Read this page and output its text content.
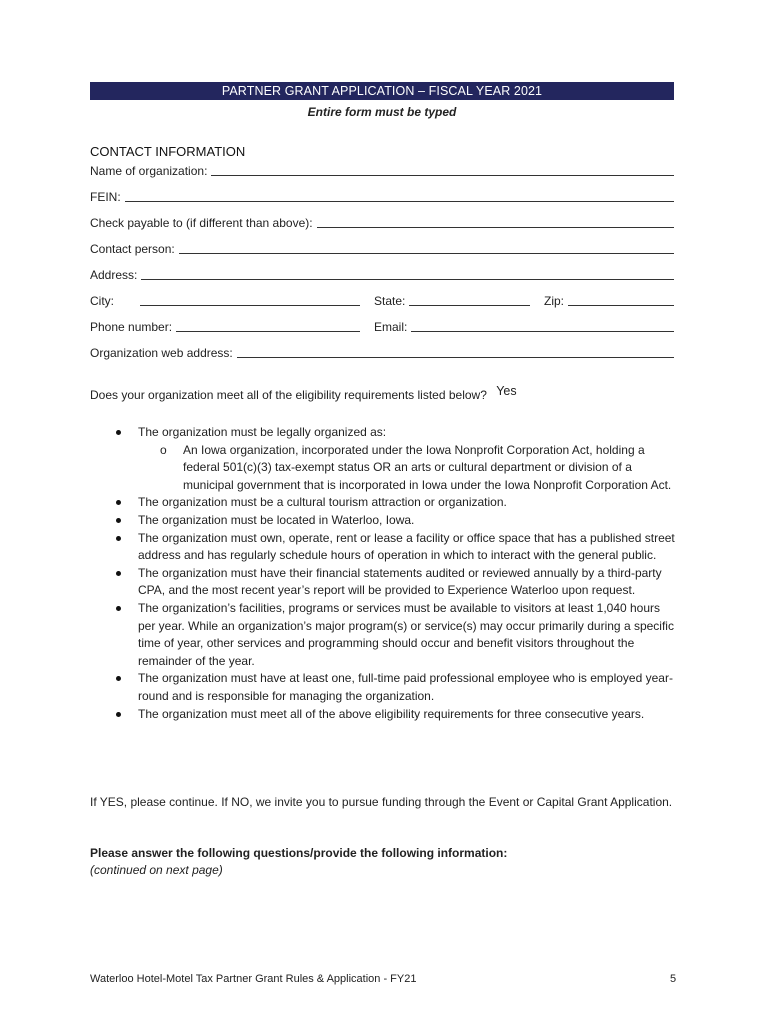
PARTNER GRANT APPLICATION – FISCAL YEAR 2021
Entire form must be typed
CONTACT INFORMATION
Name of organization:
FEIN:
Check payable to (if different than above):
Contact person:
Address:
City:	State:	Zip:
Phone number:	Email:
Organization web address:
Does your organization meet all of the eligibility requirements listed below? Yes
The organization must be legally organized as:
o An Iowa organization, incorporated under the Iowa Nonprofit Corporation Act, holding a federal 501(c)(3) tax-exempt status OR an arts or cultural department or division of a municipal government that is incorporated in Iowa under the Iowa Nonprofit Corporation Act.
The organization must be a cultural tourism attraction or organization.
The organization must be located in Waterloo, Iowa.
The organization must own, operate, rent or lease a facility or office space that has a published street address and has regularly schedule hours of operation in which to interact with the general public.
The organization must have their financial statements audited or reviewed annually by a third-party CPA, and the most recent year’s report will be provided to Experience Waterloo upon request.
The organization’s facilities, programs or services must be available to visitors at least 1,040 hours per year. While an organization’s major program(s) or service(s) may occur primarily during a specific time of year, other services and programming should occur and benefit visitors throughout the remainder of the year.
The organization must have at least one, full-time paid professional employee who is employed year-round and is responsible for managing the organization.
The organization must meet all of the above eligibility requirements for three consecutive years.
If YES, please continue. If NO, we invite you to pursue funding through the Event or Capital Grant Application.
Please answer the following questions/provide the following information:
(continued on next page)
Waterloo Hotel-Motel Tax Partner Grant Rules & Application - FY21	5
